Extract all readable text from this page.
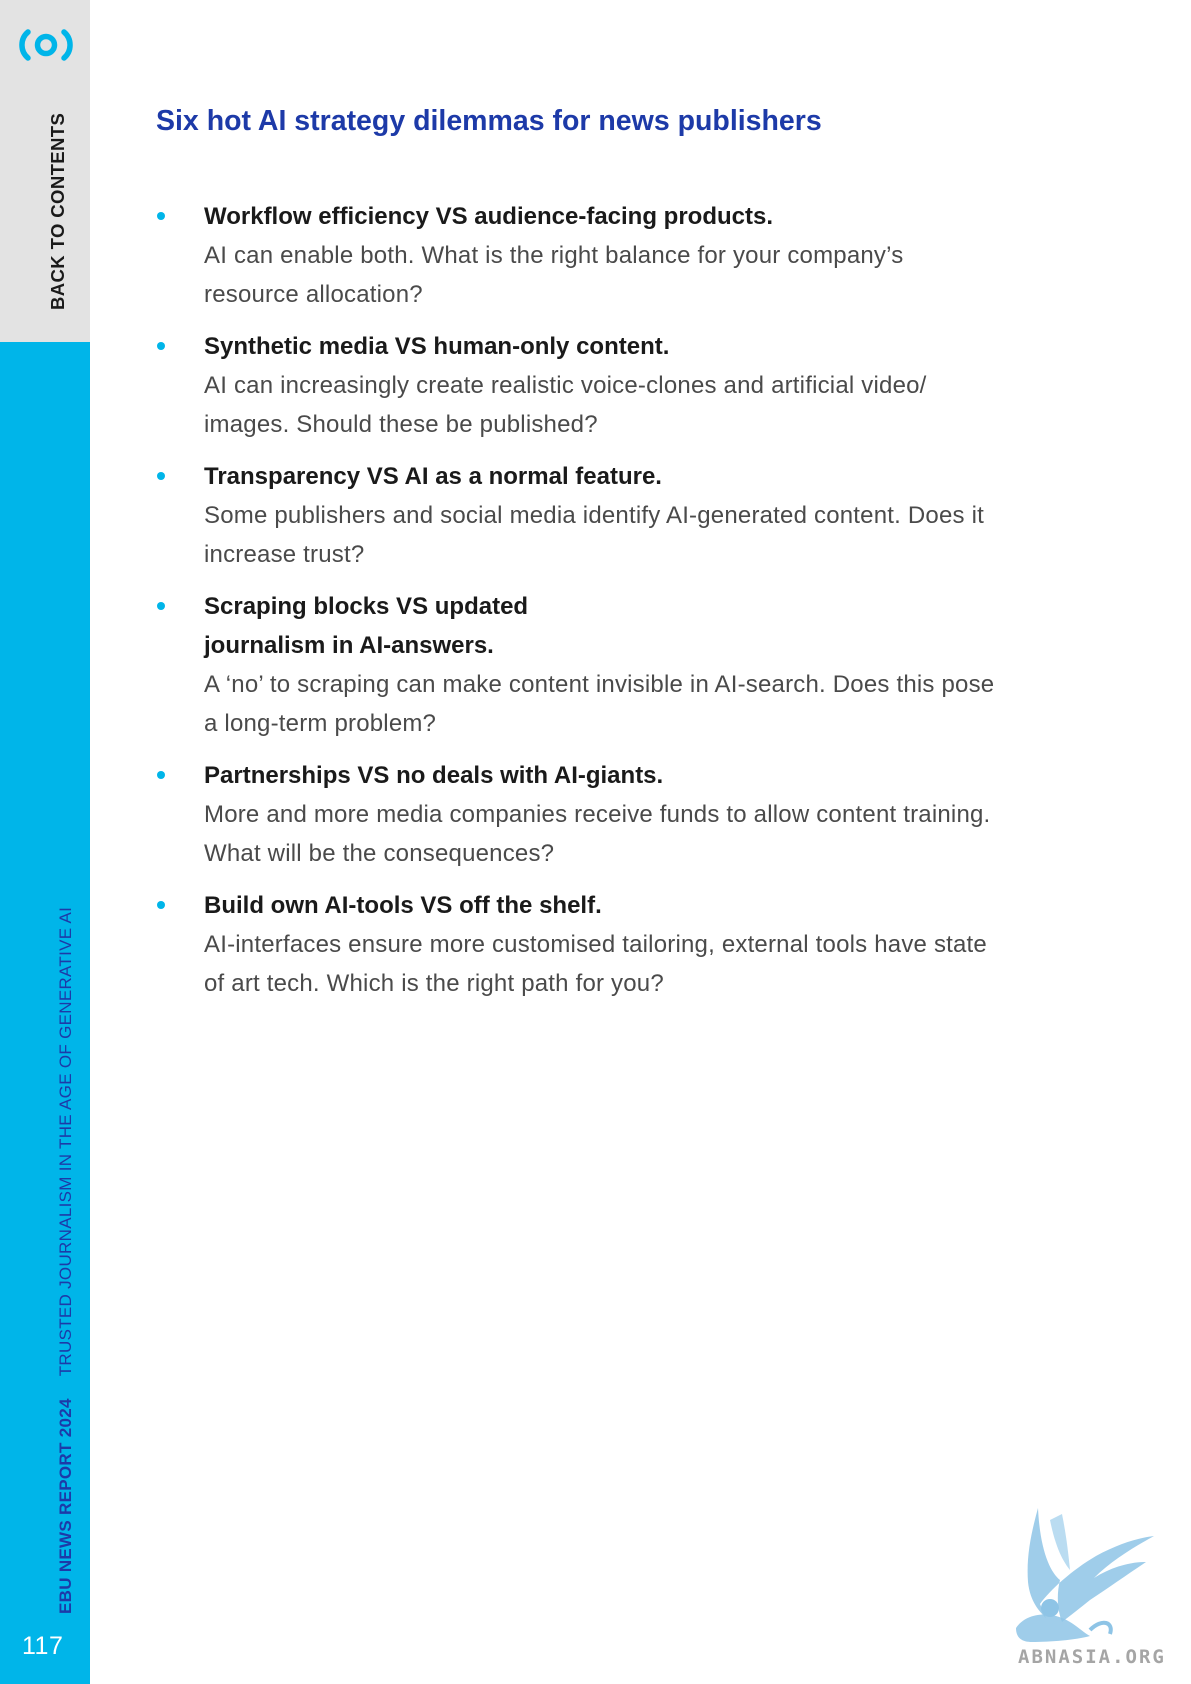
BACK TO CONTENTS
EBU NEWS REPORT 2024TRUSTED JOURNALISM IN THE AGE OF GENERATIVE AI
117
Six hot AI strategy dilemmas for news publishers
Workflow efficiency VS audience-facing products.
AI can enable both. What is the right balance for your company’s
resource allocation?
Synthetic media VS human-only content.
AI can increasingly create realistic voice-clones and artificial video/
images. Should these be published?
Transparency VS AI as a normal feature.
Some publishers and social media identify AI-generated content. Does it
increase trust?
Scraping blocks VS updated
journalism in AI-answers.
A ‘no’ to scraping can make content invisible in AI-search. Does this pose
a long-term problem?
Partnerships VS no deals with AI-giants.
More and more media companies receive funds to allow content training.
What will be the consequences?
Build own AI-tools VS off the shelf.
AI-interfaces ensure more customised tailoring, external tools have state
of art tech. Which is the right path for you?
ABNASIA.ORG
